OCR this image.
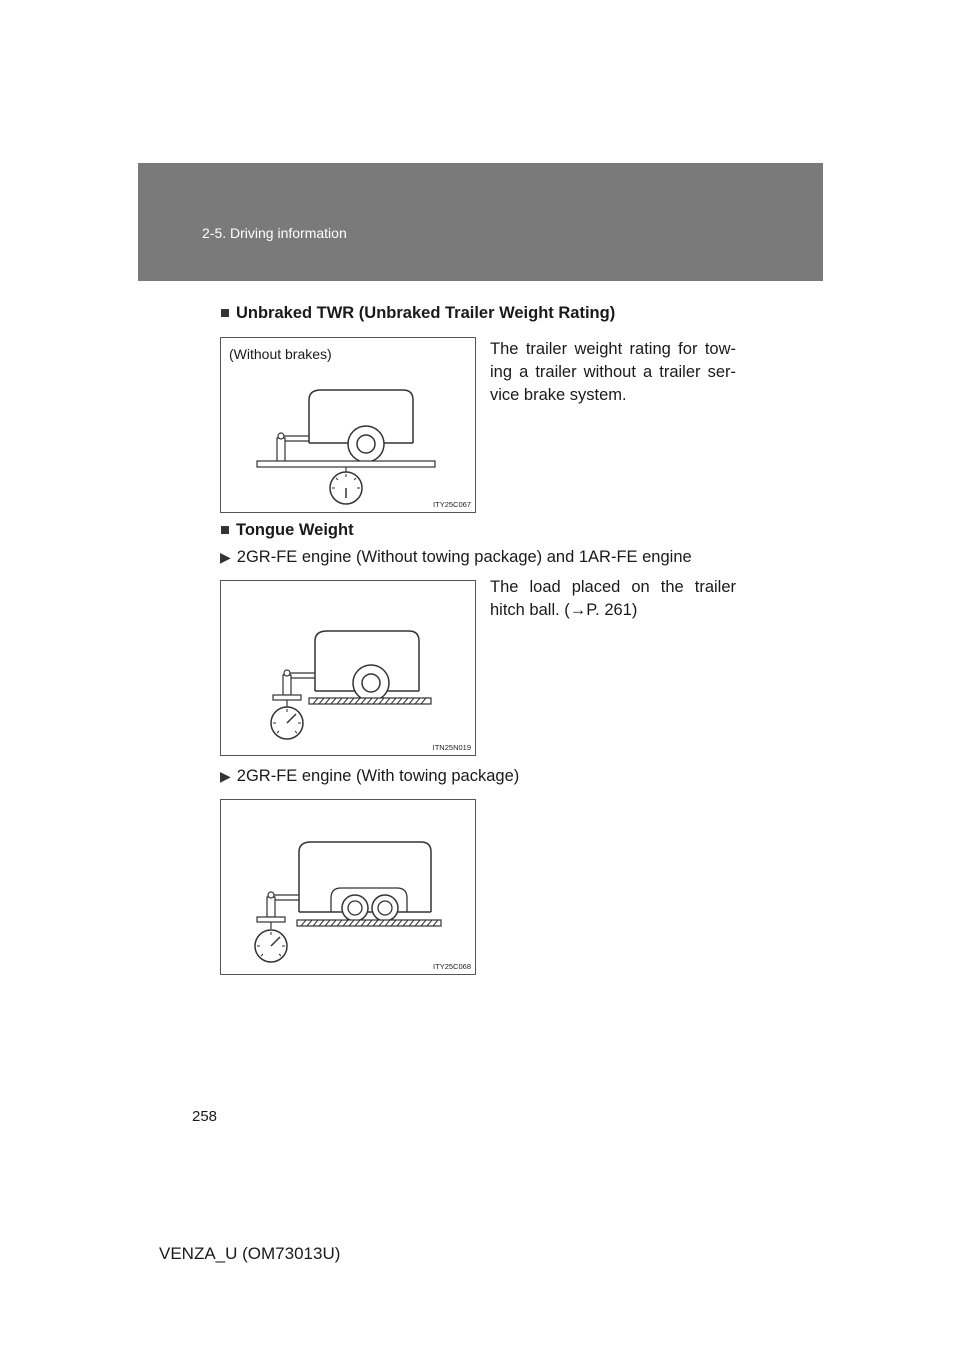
2-5. Driving information
■ Unbraked TWR (Unbraked Trailer Weight Rating)
(Without brakes)
ITY25C067
The trailer weight rating for tow-ing a trailer without a trailer ser-vice brake system.
■ Tongue Weight
▶ 2GR-FE engine (Without towing package) and 1AR-FE engine
ITN25N019
The load placed on the trailer hitch ball. (→P. 261)
▶ 2GR-FE engine (With towing package)
ITY25C068
258
VENZA_U (OM73013U)
